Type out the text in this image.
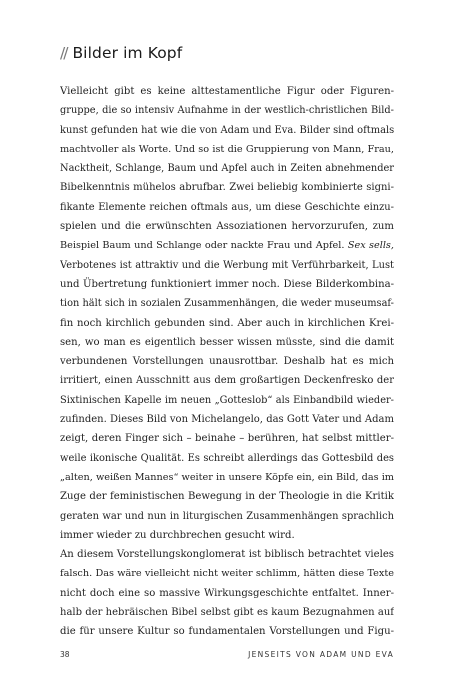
// Bilder im Kopf
Vielleicht gibt es keine alttestamentliche Figur oder Figuren-
gruppe, die so intensiv Aufnahme in der westlich-christlichen Bild-
kunst gefunden hat wie die von Adam und Eva. Bilder sind oftmals
machtvoller als Worte. Und so ist die Gruppierung von Mann, Frau,
Nacktheit, Schlange, Baum und Apfel auch in Zeiten abnehmender
Bibelkenntnis mühelos abrufbar. Zwei beliebig kombinierte signi-
fikante Elemente reichen oftmals aus, um diese Geschichte einzu-
spielen und die erwünschten Assoziationen hervorzurufen, zum
Beispiel Baum und Schlange oder nackte Frau und Apfel. Sex sells,
Verbotenes ist attraktiv und die Werbung mit Verführbarkeit, Lust
und Übertretung funktioniert immer noch. Diese Bilderkombina-
tion hält sich in sozialen Zusammenhängen, die weder museumsaf-
fin noch kirchlich gebunden sind. Aber auch in kirchlichen Krei-
sen, wo man es eigentlich besser wissen müsste, sind die damit
verbundenen Vorstellungen unausrottbar. Deshalb hat es mich
irritiert, einen Ausschnitt aus dem großartigen Deckenfresko der
Sixtinischen Kapelle im neuen „Gotteslob“ als Einbandbild wieder-
zufinden. Dieses Bild von Michelangelo, das Gott Vater und Adam
zeigt, deren Finger sich – beinahe – berühren, hat selbst mittler-
weile ikonische Qualität. Es schreibt allerdings das Gottesbild des
„alten, weißen Mannes“ weiter in unsere Köpfe ein, ein Bild, das im
Zuge der feministischen Bewegung in der Theologie in die Kritik
geraten war und nun in liturgischen Zusammenhängen sprachlich
immer wieder zu durchbrechen gesucht wird.
An diesem Vorstellungskonglomerat ist biblisch betrachtet vieles
falsch. Das wäre vielleicht nicht weiter schlimm, hätten diese Texte
nicht doch eine so massive Wirkungsgeschichte entfaltet. Inner-
halb der hebräischen Bibel selbst gibt es kaum Bezugnahmen auf
die für unsere Kultur so fundamentalen Vorstellungen und Figu-
38	JENSEITS VON ADAM UND EVA
